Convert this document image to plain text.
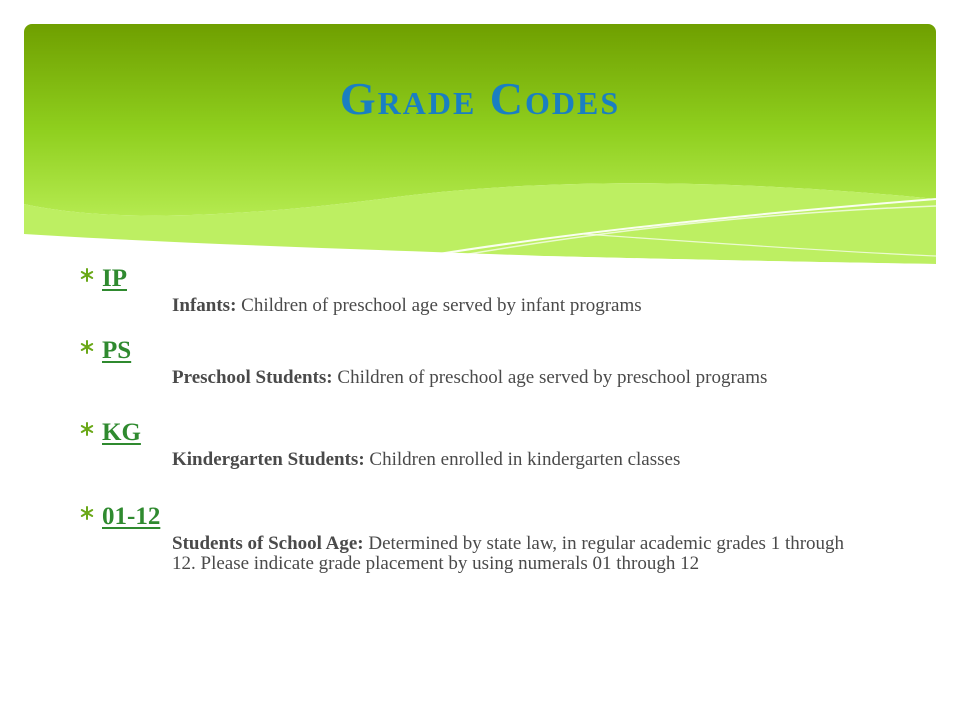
Grade Codes
IP

Infants: Children of preschool age served by infant programs

PS

Preschool Students: Children of preschool age served by preschool programs

KG

Kindergarten Students: Children enrolled in kindergarten classes

01-12

Students of School Age: Determined by state law, in regular academic grades 1 through 12. Please indicate grade placement by using numerals 01 through 12
